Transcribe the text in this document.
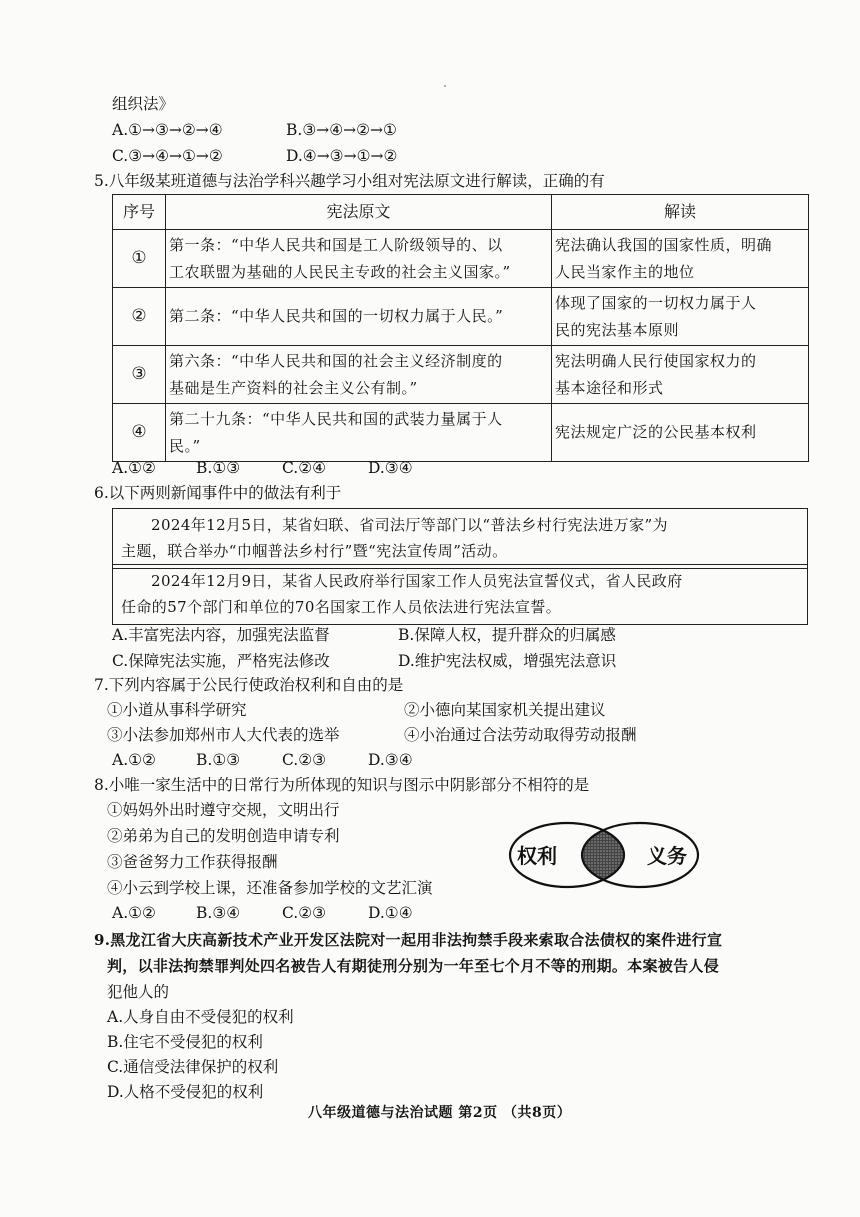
组织法》
A.①→③→②→④	B.③→④→②→①
C.③→④→①→②	D.④→③→①→②
5.八年级某班道德与法治学科兴趣学习小组对宪法原文进行解读，正确的有
序号	宪法原文	解读
①	第一条：“中华人民共和国是工人阶级领导的、以
工农联盟为基础的人民民主专政的社会主义国家。”	宪法确认我国的国家性质，明确
人民当家作主的地位
②	第二条：“中华人民共和国的一切权力属于人民。”	体现了国家的一切权力属于人
民的宪法基本原则
③	第六条：“中华人民共和国的社会主义经济制度的
基础是生产资料的社会主义公有制。”	宪法明确人民行使国家权力的
基本途径和形式
④	第二十九条：“中华人民共和国的武装力量属于人
民。”	宪法规定广泛的公民基本权利
A.①②	B.①③	C.②④	D.③④
6.以下两则新闻事件中的做法有利于
2024年12月5日，某省妇联、省司法厅等部门以“普法乡村行宪法进万家”为
主题，联合举办“巾帼普法乡村行”暨“宪法宣传周”活动。
2024年12月9日，某省人民政府举行国家工作人员宪法宣誓仪式，省人民政府
任命的57个部门和单位的70名国家工作人员依法进行宪法宣誓。
A.丰富宪法内容，加强宪法监督	B.保障人权，提升群众的归属感
C.保障宪法实施，严格宪法修改	D.维护宪法权威，增强宪法意识
7.下列内容属于公民行使政治权利和自由的是
①小道从事科学研究	②小德向某国家机关提出建议
③小法参加郑州市人大代表的选举	④小治通过合法劳动取得劳动报酬
A.①②	B.①③	C.②③	D.③④
8.小唯一家生活中的日常行为所体现的知识与图示中阴影部分不相符的是
①妈妈外出时遵守交规，文明出行
②弟弟为自己的发明创造申请专利
③爸爸努力工作获得报酬
④小云到学校上课，还准备参加学校的文艺汇演
权利	义务
A.①②	B.③④	C.②③	D.①④
9.黑龙江省大庆高新技术产业开发区法院对一起用非法拘禁手段来索取合法债权的案件进行宣
判，以非法拘禁罪判处四名被告人有期徒刑分别为一年至七个月不等的刑期。本案被告人侵
犯他人的
A.人身自由不受侵犯的权利
B.住宅不受侵犯的权利
C.通信受法律保护的权利
D.人格不受侵犯的权利
八年级道德与法治试题 第2页 （共8页）
